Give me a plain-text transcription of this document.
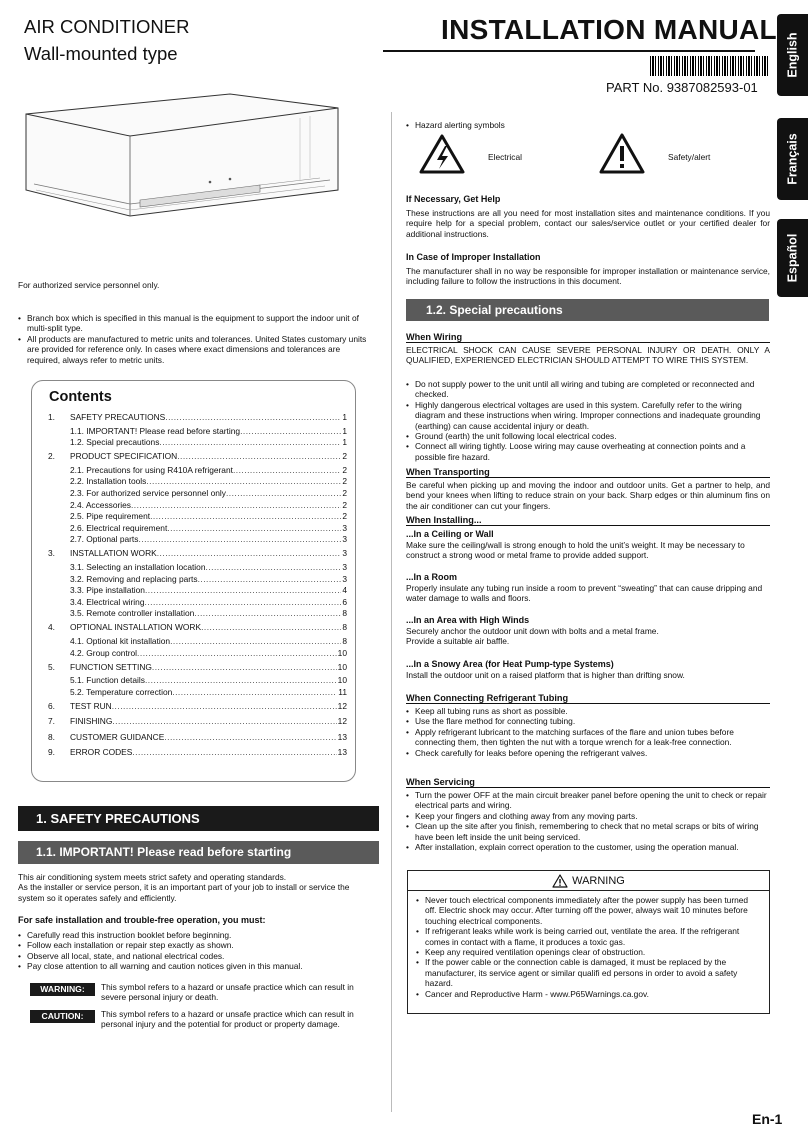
AIR CONDITIONER
Wall-mounted type
INSTALLATION MANUAL
PART No. 9387082593-01
English
Français
Español
For authorized service personnel only.
• Branch box which is specified in this manual is the equipment to support the indoor unit of multi-split type.
• All products are manufactured to metric units and tolerances. United States customary units are provided for reference only. In cases where exact dimensions and tolerances are required, always refer to metric units.
Contents
1.	SAFETY PRECAUTIONS .....	1
1.1. IMPORTANT! Please read before starting .....	1
1.2. Special precautions .....	1
2.	PRODUCT SPECIFICATION .....	2
2.1. Precautions for using R410A refrigerant .....	2
2.2. Installation tools .....	2
2.3. For authorized service personnel only .....	2
2.4. Accessories .....	2
2.5. Pipe requirement .....	2
2.6. Electrical requirement .....	3
2.7. Optional parts .....	3
3.	INSTALLATION WORK .....	3
3.1. Selecting an installation location .....	3
3.2. Removing and replacing parts .....	3
3.3. Pipe installation .....	4
3.4. Electrical wiring .....	6
3.5. Remote controller installation .....	8
4.	OPTIONAL INSTALLATION WORK .....	8
4.1. Optional kit installation .....	8
4.2. Group control .....	10
5.	FUNCTION SETTING .....	10
5.1. Function details .....	10
5.2. Temperature correction .....	11
6.	TEST RUN .....	12
7.	FINISHING .....	12
8.	CUSTOMER GUIDANCE .....	13
9.	ERROR CODES .....	13
1. SAFETY PRECAUTIONS
1.1. IMPORTANT! Please read before starting
This air conditioning system meets strict safety and operating standards.
As the installer or service person, it is an important part of your job to install or service the system so it operates safely and efficiently.
For safe installation and trouble-free operation, you must:
• Carefully read this instruction booklet before beginning.
• Follow each installation or repair step exactly as shown.
• Observe all local, state, and national electrical codes.
• Pay close attention to all warning and caution notices given in this manual.
WARNING:	This symbol refers to a hazard or unsafe practice which can result in severe personal injury or death.
CAUTION:	This symbol refers to a hazard or unsafe practice which can result in personal injury and the potential for product or property damage.
• Hazard alerting symbols
Electrical	Safety/alert
If Necessary, Get Help
These instructions are all you need for most installation sites and maintenance conditions. If you require help for a special problem, contact our sales/service outlet or your certified dealer for additional instructions.
In Case of Improper Installation
The manufacturer shall in no way be responsible for improper installation or maintenance service, including failure to follow the instructions in this document.
1.2. Special precautions
When Wiring
ELECTRICAL SHOCK CAN CAUSE SEVERE PERSONAL INJURY OR DEATH. ONLY A QUALIFIED, EXPERIENCED ELECTRICIAN SHOULD ATTEMPT TO WIRE THIS SYSTEM.
• Do not supply power to the unit until all wiring and tubing are completed or reconnected and checked.
• Highly dangerous electrical voltages are used in this system. Carefully refer to the wiring diagram and these instructions when wiring. Improper connections and inadequate grounding (earthing) can cause accidental injury or death.
• Ground (earth) the unit following local electrical codes.
• Connect all wiring tightly. Loose wiring may cause overheating at connection points and a possible fire hazard.
When Transporting
Be careful when picking up and moving the indoor and outdoor units. Get a partner to help, and bend your knees when lifting to reduce strain on your back. Sharp edges or thin aluminum fins on the air conditioner can cut your fingers.
When Installing...
...In a Ceiling or Wall
Make sure the ceiling/wall is strong enough to hold the unit’s weight. It may be necessary to construct a strong wood or metal frame to provide added support.
...In a Room
Properly insulate any tubing run inside a room to prevent “sweating” that can cause dripping and water damage to walls and floors.
...In an Area with High Winds
Securely anchor the outdoor unit down with bolts and a metal frame.
Provide a suitable air baffle.
...In a Snowy Area (for Heat Pump-type Systems)
Install the outdoor unit on a raised platform that is higher than drifting snow.
When Connecting Refrigerant Tubing
• Keep all tubing runs as short as possible.
• Use the flare method for connecting tubing.
• Apply refrigerant lubricant to the matching surfaces of the flare and union tubes before connecting them, then tighten the nut with a torque wrench for a leak-free connection.
• Check carefully for leaks before opening the refrigerant valves.
When Servicing
• Turn the power OFF at the main circuit breaker panel before opening the unit to check or repair electrical parts and wiring.
• Keep your fingers and clothing away from any moving parts.
• Clean up the site after you finish, remembering to check that no metal scraps or bits of wiring have been left inside the unit being serviced.
• After installation, explain correct operation to the customer, using the operation manual.
WARNING
• Never touch electrical components immediately after the power supply has been turned off. Electric shock may occur. After turning off the power, always wait 10 minutes before touching electrical components.
• If refrigerant leaks while work is being carried out, ventilate the area. If the refrigerant comes in contact with a flame, it produces a toxic gas.
• Keep any required ventilation openings clear of obstruction.
• If the power cable or the connection cable is damaged, it must be replaced by the manufacturer, its service agent or similar qualifi ed persons in order to avoid a safety hazard.
• Cancer and Reproductive Harm - www.P65Warnings.ca.gov.
En-1
